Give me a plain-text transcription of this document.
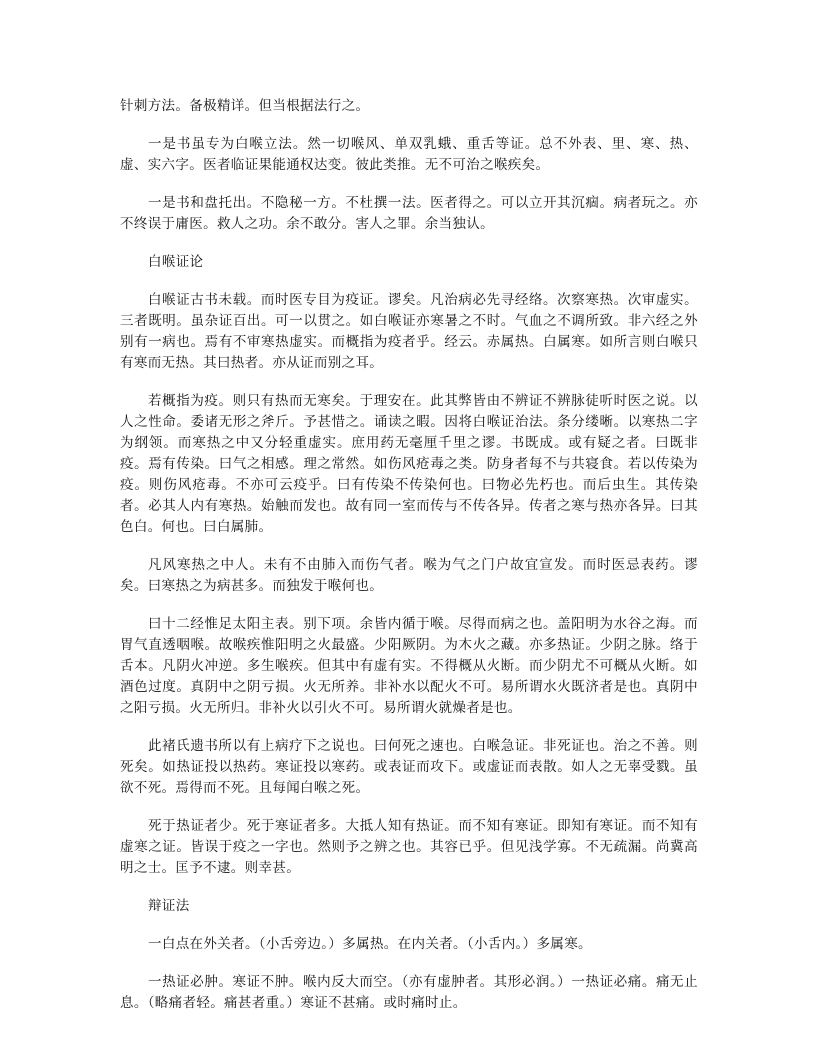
针刺方法。备极精详。但当根据法行之。

一是书虽专为白喉立法。然一切喉风、单双乳蛾、重舌等证。总不外表、里、寒、热、虚、实六字。医者临证果能通权达变。彼此类推。无不可治之喉疾矣。

一是书和盘托出。不隐秘一方。不杜撰一法。医者得之。可以立开其沉痼。病者玩之。亦不终误于庸医。救人之功。余不敢分。害人之罪。余当独认。

白喉证论

白喉证古书未载。而时医专目为疫证。谬矣。凡治病必先寻经络。次察寒热。次审虚实。三者既明。虽杂证百出。可一以贯之。如白喉证亦寒暑之不时。气血之不调所致。非六经之外别有一病也。焉有不审寒热虚实。而概指为疫者乎。经云。赤属热。白属寒。如所言则白喉只有寒而无热。其曰热者。亦从证而别之耳。

若概指为疫。则只有热而无寒矣。于理安在。此其弊皆由不辨证不辨脉徒听时医之说。以人之性命。委诸无形之斧斤。予甚惜之。诵读之暇。因将白喉证治法。条分缕晰。以寒热二字为纲领。而寒热之中又分轻重虚实。庶用药无毫厘千里之谬。书既成。或有疑之者。曰既非疫。焉有传染。曰气之相感。理之常然。如伤风疮毒之类。防身者每不与共寝食。若以传染为疫。则伤风疮毒。不亦可云疫乎。曰有传染不传染何也。曰物必先朽也。而后虫生。其传染者。必其人内有寒热。始触而发也。故有同一室而传与不传各异。传者之寒与热亦各异。曰其色白。何也。曰白属肺。

凡风寒热之中人。未有不由肺入而伤气者。喉为气之门户故宜宣发。而时医忌表药。谬矣。曰寒热之为病甚多。而独发于喉何也。

曰十二经惟足太阳主表。别下项。余皆内循于喉。尽得而病之也。盖阳明为水谷之海。而胃气直透咽喉。故喉疾惟阳明之火最盛。少阳厥阴。为木火之藏。亦多热证。少阴之脉。络于舌本。凡阴火冲逆。多生喉疾。但其中有虚有实。不得概从火断。而少阴尤不可概从火断。如酒色过度。真阴中之阴亏损。火无所养。非补水以配火不可。易所谓水火既济者是也。真阴中之阳亏损。火无所归。非补火以引火不可。易所谓火就燥者是也。

此褚氏遗书所以有上病疗下之说也。曰何死之速也。白喉急证。非死证也。治之不善。则死矣。如热证投以热药。寒证投以寒药。或表证而攻下。或虚证而表散。如人之无辜受戮。虽欲不死。焉得而不死。且每闻白喉之死。

死于热证者少。死于寒证者多。大抵人知有热证。而不知有寒证。即知有寒证。而不知有虚寒之证。皆误于疫之一字也。然则予之辨之也。其容已乎。但见浅学寡。不无疏漏。尚冀高明之士。匡予不逮。则幸甚。

辩证法

一白点在外关者。（小舌旁边。）多属热。在内关者。（小舌内。）多属寒。

一热证必肿。寒证不肿。喉内反大而空。（亦有虚肿者。其形必润。）一热证必痛。痛无止息。（略痛者轻。痛甚者重。）寒证不甚痛。或时痛时止。
